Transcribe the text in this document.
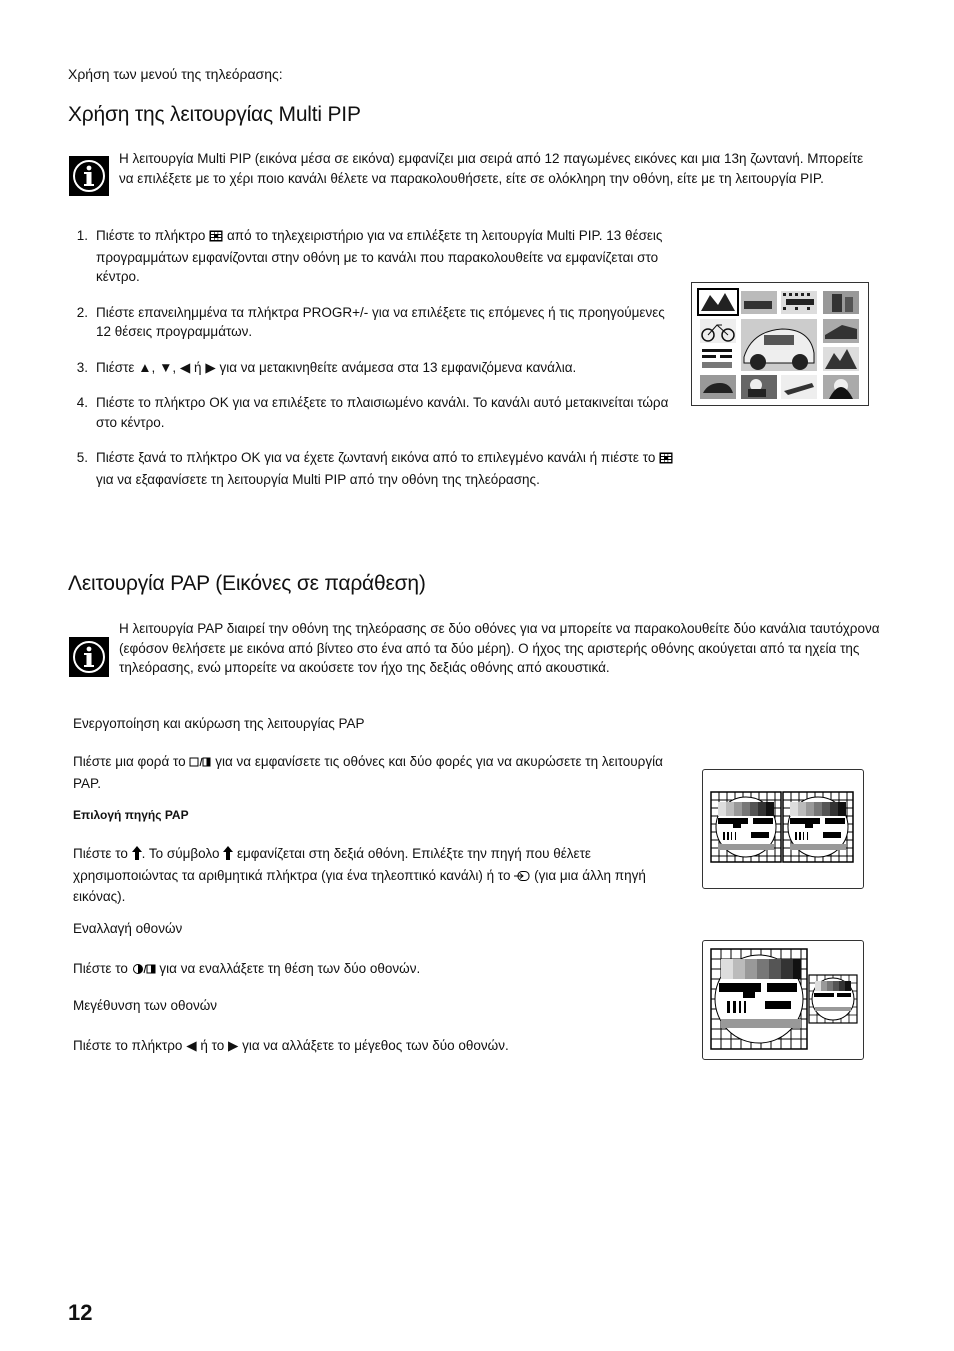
Χρήση των μενού της τηλεόρασης:
Χρήση της λειτουργίας Multi PIP
Η λειτουργία Multi PIP (εικόνα μέσα σε εικόνα) εμφανίζει μια σειρά από 12 παγωμένες εικόνες και μια 13η ζωντανή. Μπορείτε να επιλέξετε με το χέρι ποιο κανάλι θέλετε να παρακολουθήσετε, είτε σε ολόκληρη την οθόνη, είτε με τη λειτουργία PIP.
1. Πιέστε το πλήκτρο από το τηλεχειριστήριο για να επιλέξετε τη λειτουργία Multi PIP. 13 θέσεις προγραμμάτων εμφανίζονται στην οθόνη με το κανάλι που παρακολουθείτε να εμφανίζεται στο κέντρο.
2. Πιέστε επανειλημμένα τα πλήκτρα PROGR+/- για να επιλέξετε τις επόμενες ή τις προηγούμενες 12 θέσεις προγραμμάτων.
3. Πιέστε ▲, ▼, ◀ ή ▶ για να μετακινηθείτε ανάμεσα στα 13 εμφανιζόμενα κανάλια.
4. Πιέστε το πλήκτρο OK για να επιλέξετε το πλαισιωμένο κανάλι. Το κανάλι αυτό μετακινείται τώρα στο κέντρο.
5. Πιέστε ξανά το πλήκτρο OK για να έχετε ζωντανή εικόνα από το επιλεγμένο κανάλι ή πιέστε το  για να εξαφανίσετε τη λειτουργία Multi PIP από την οθόνη της τηλεόρασης.
Λειτουργία PAP (Εικόνες σε παράθεση)
Η λειτουργία PAP διαιρεί την οθόνη της τηλεόρασης σε δύο οθόνες για να μπορείτε να παρακολουθείτε δύο κανάλια ταυτόχρονα (εφόσον θελήσετε με εικόνα από βίντεο στο ένα από τα δύο μέρη). Ο ήχος της αριστερής οθόνης ακούγεται από τα ηχεία της τηλεόρασης, ενώ μπορείτε να ακούσετε τον ήχο της δεξιάς οθόνης από ακουστικά.
Ενεργοποίηση και ακύρωση της λειτουργίας PAP
Πιέστε μια φορά το για να εμφανίσετε τις οθόνες και δύο φορές για να ακυρώσετε τη λειτουργία PAP.
Επιλογή πηγής PAP
Πιέστε το . Το σύμβολο εμφανίζεται στη δεξιά οθόνη. Επιλέξτε την πηγή που θέλετε χρησιμοποιώντας τα αριθμητικά πλήκτρα (για ένα τηλεοπτικό κανάλι) ή το (για μια άλλη πηγή εικόνας).
Εναλλαγή οθονών
Πιέστε το για να εναλλάξετε τη θέση των δύο οθονών.
Μεγέθυνση των οθονών
Πιέστε το πλήκτρο ◀ ή το ▶ για να αλλάξετε το μέγεθος των δύο οθονών.
12
